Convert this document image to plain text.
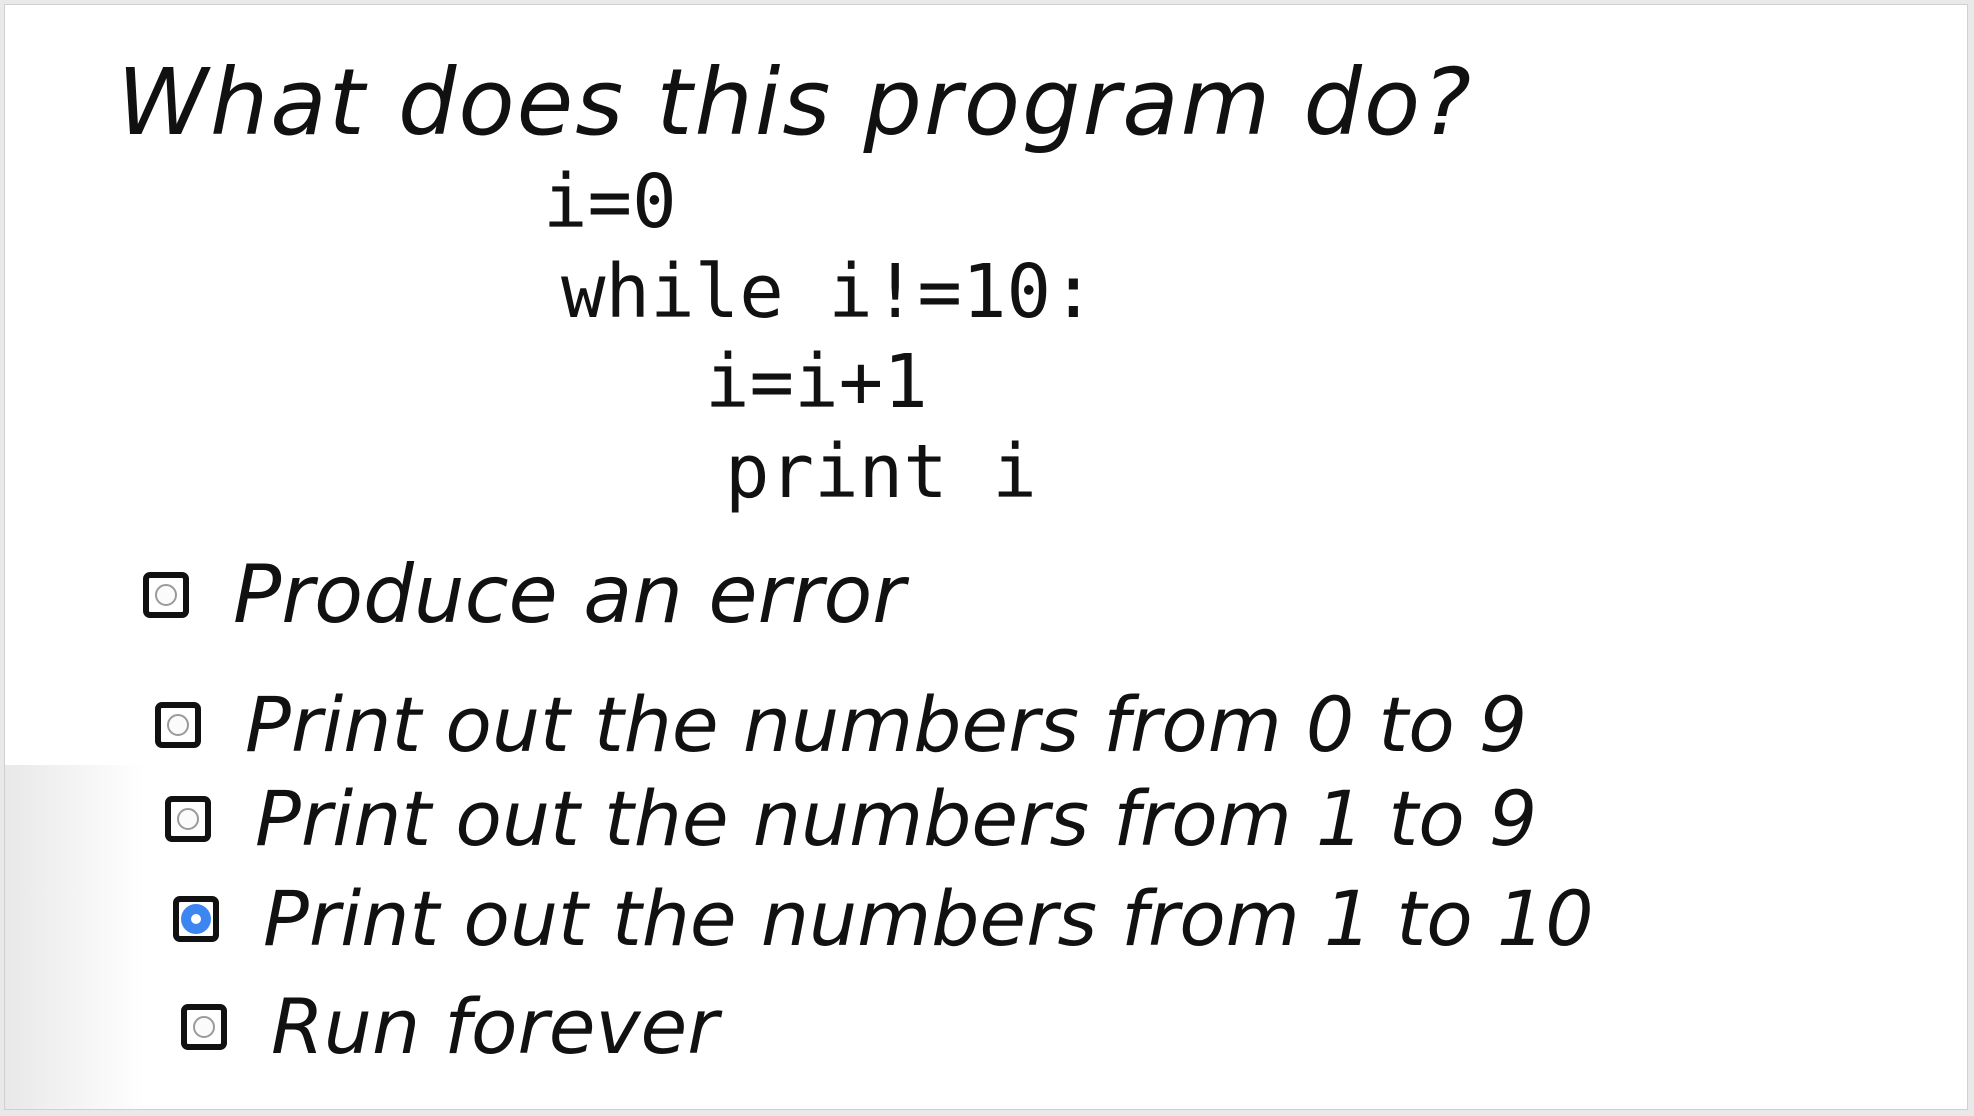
What does this program do?
i=0
while i!=10:
i=i+1
print i
Produce an error
Print out the numbers from 0 to 9
Print out the numbers from 1 to 9
Print out the numbers from 1 to 10
Run forever
